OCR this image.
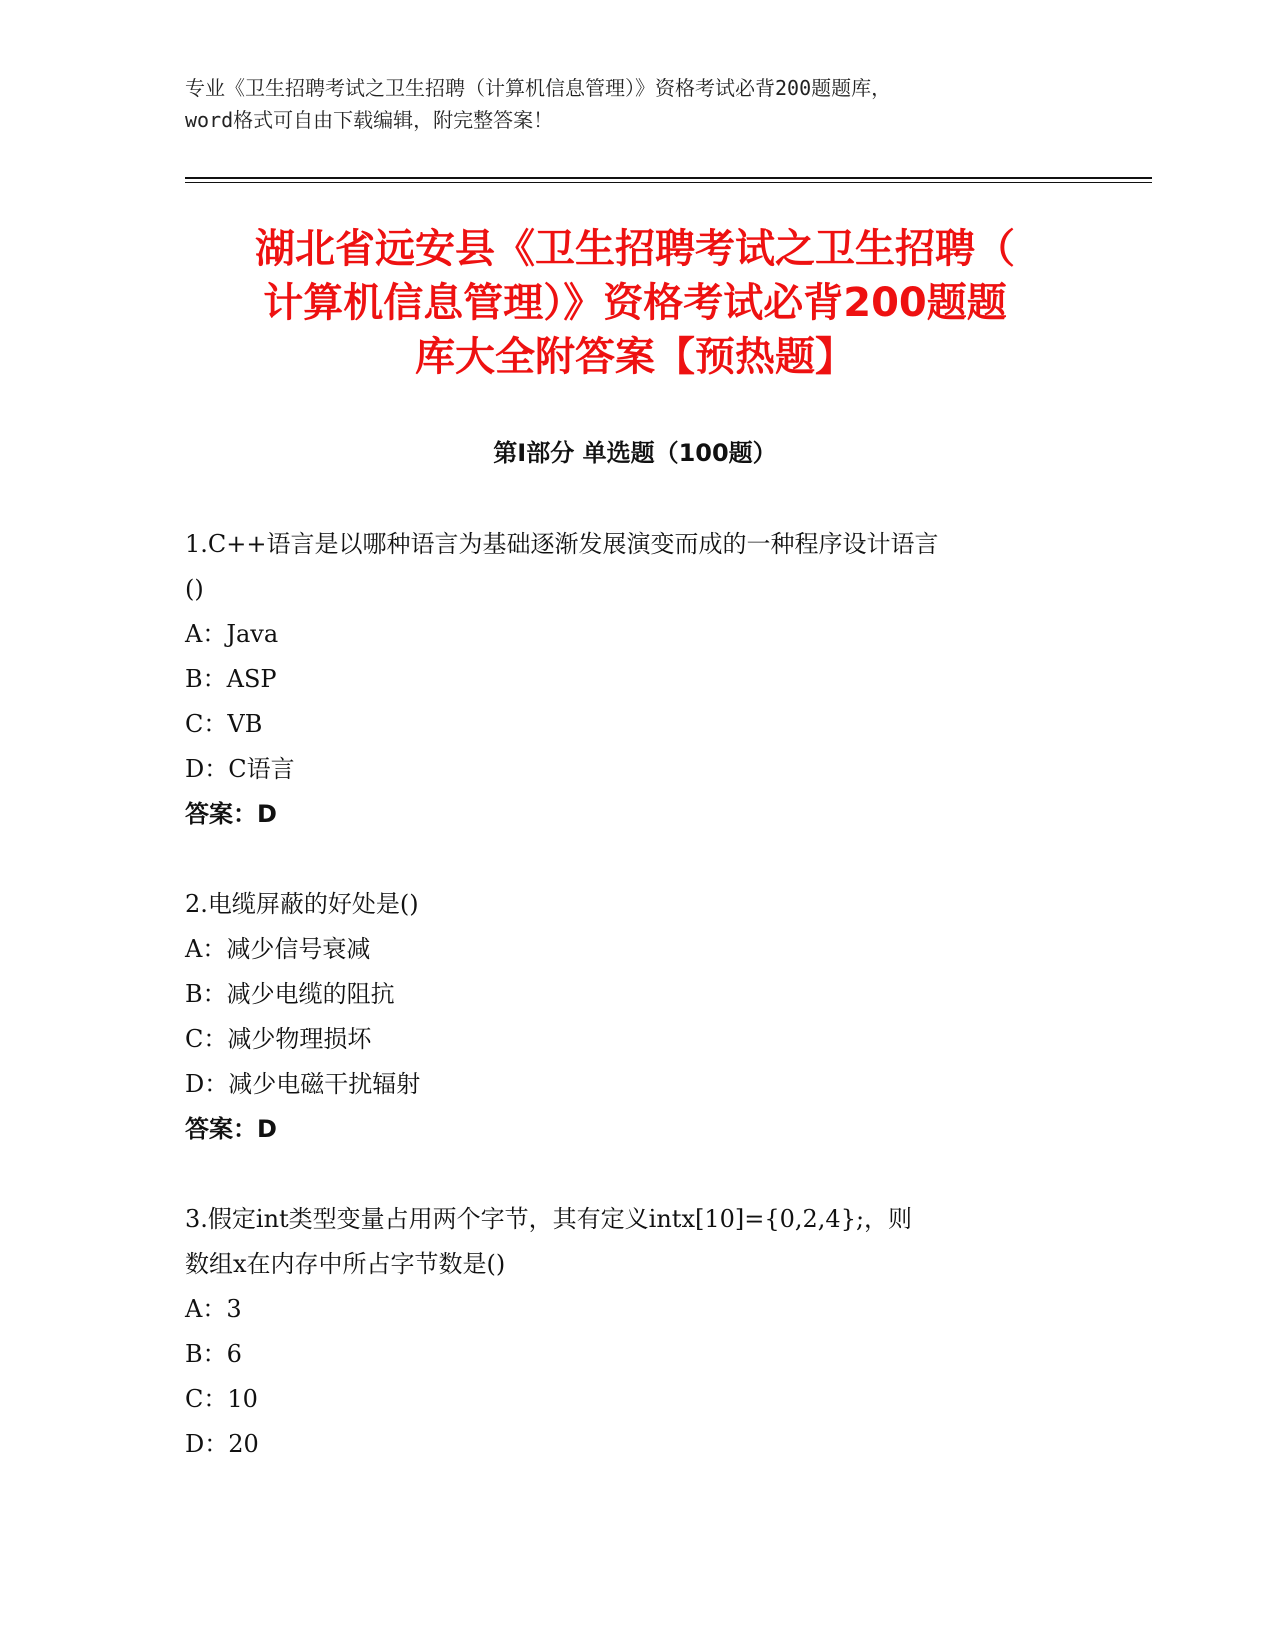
专业《卫生招聘考试之卫生招聘（计算机信息管理）》资格考试必背200题题库，
word格式可自由下载编辑，附完整答案！
湖北省远安县《卫生招聘考试之卫生招聘（
计算机信息管理）》资格考试必背200题题
库大全附答案【预热题】
第I部分 单选题（100题）
1.C++语言是以哪种语言为基础逐渐发展演变而成的一种程序设计语言
()
A：Java
B：ASP
C：VB
D：C语言
答案：D
2.电缆屏蔽的好处是()
A：减少信号衰减
B：减少电缆的阻抗
C：减少物理损坏
D：减少电磁干扰辐射
答案：D
3.假定int类型变量占用两个字节，其有定义intx[10]={0,2,4};，则
数组x在内存中所占字节数是()
A：3
B：6
C：10
D：20
